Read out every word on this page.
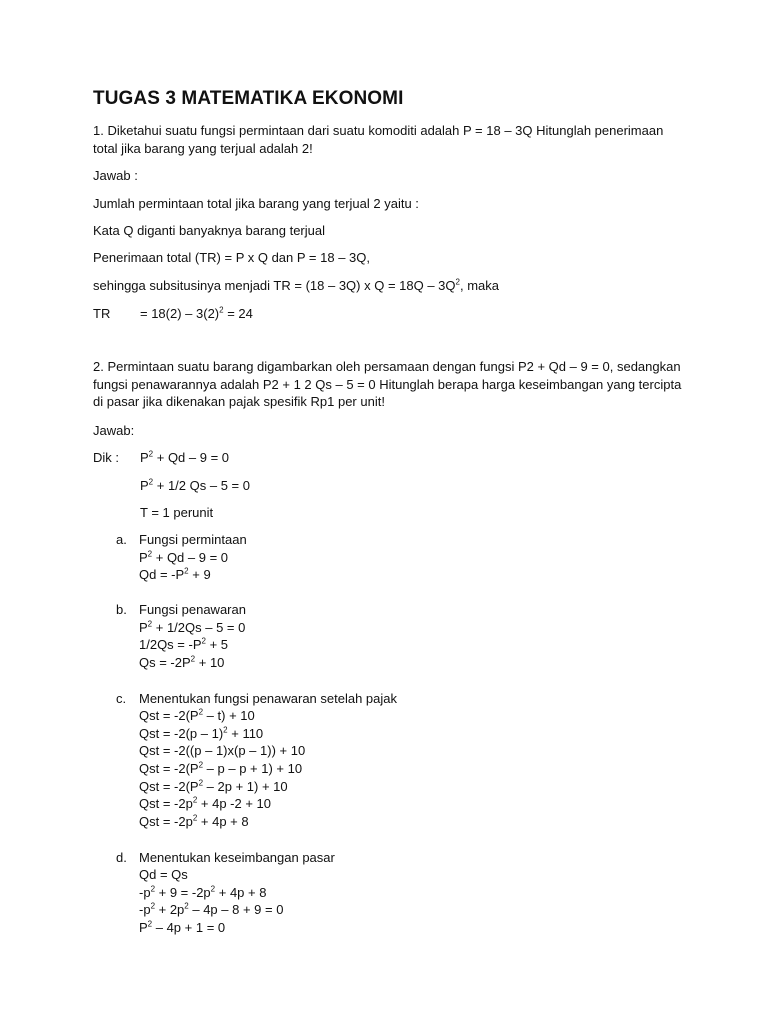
TUGAS 3 MATEMATIKA EKONOMI
1. Diketahui suatu fungsi permintaan dari suatu komoditi adalah P = 18 – 3Q Hitunglah penerimaan total jika barang yang terjual adalah 2!
Jawab :
Jumlah permintaan total jika barang yang terjual 2 yaitu :
Kata Q diganti banyaknya barang terjual
Penerimaan total (TR) = P x Q dan P = 18 – 3Q,
sehingga subsitusinya menjadi TR = (18 – 3Q) x $Q = 18Q - 3Q^2$, maka
TR = $18(2) - 3(2)^2 = 24$
2. Permintaan suatu barang digambarkan oleh persamaan dengan fungsi P2 + Qd – 9 = 0, sedangkan fungsi penawarannya adalah P2 + 1 2 Qs – 5 = 0 Hitunglah berapa harga keseimbangan yang tercipta di pasar jika dikenakan pajak spesifik Rp1 per unit!
Jawab:
Dik : $P^2 + Qd - 9 = 0$
$P^2 + 1/2$ Qs – 5 = 0
T = 1 perunit
a. Fungsi permintaan
$P^2 + Qd - 9 = 0$
$Qd = -P^2 + 9$
b. Fungsi penawaran
$P^2 + 1/2Qs - 5 = 0$
$1/2Qs = -P^2 + 5$
$Qs = -2P^2 + 10$
c. Menentukan fungsi penawaran setelah pajak
Qst = $-2(P^2 - t) + 10$
Qst = -2(p – 1)$^2$ + 110
Qst = -2((p – 1)x(p – 1)) + 10
Qst = $-2(P^2 - p - p + 1) + 10$
Qst = $-2(P^2 - 2p + 1) + 10$
Qst = $-2p^2 + 4p$ -2 + 10
Qst = $-2p^2 + 4p + 8$
d. Menentukan keseimbangan pasar
Qd = Qs
$-p^2 + 9 = -2p^2 + 4p + 8$
$-p^2 + 2p^2 - 4p - 8 + 9 = 0$
$P^2 - 4p + 1 = 0$
